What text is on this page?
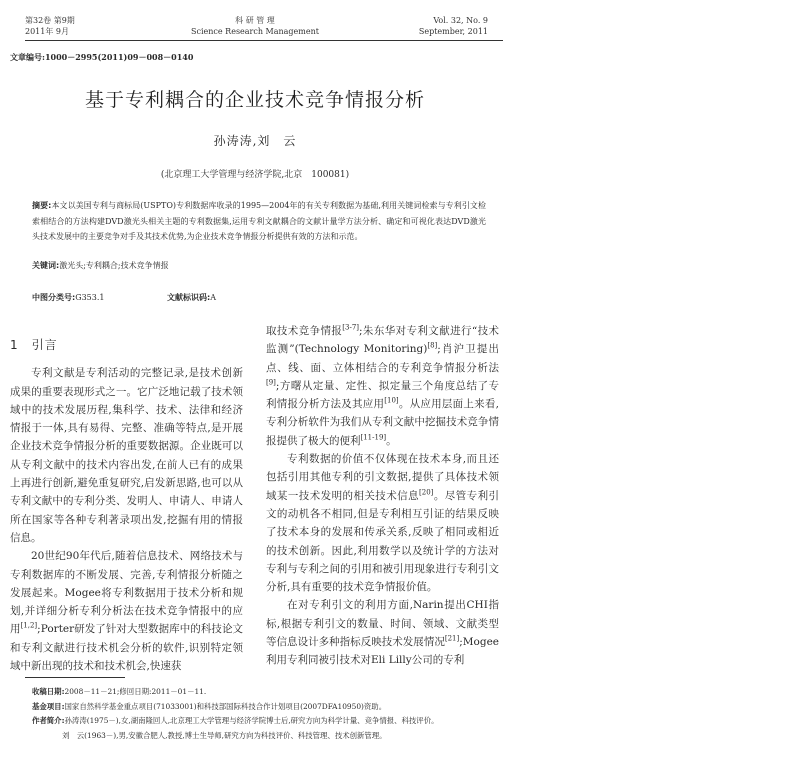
第32卷 第9期
2011年 9月
科 研 管 理
Science Research Management
Vol. 32, No. 9
September, 2011
文章编号:1000－2995(2011)09－008－0140
基于专利耦合的企业技术竞争情报分析
孙涛涛,刘　云
(北京理工大学管理与经济学院,北京　100081)
摘要:本文以美国专利与商标局(USPTO)专利数据库收录的1995—2004年的有关专利数据为基础,利用关键词检索与专利引文检索相结合的方法构建DVD激光头相关主题的专利数据集,运用专利文献耦合的文献计量学方法分析、确定和可视化表达DVD激光头技术发展中的主要竞争对手及其技术优势,为企业技术竞争情报分析提供有效的方法和示范。
关键词:激光头;专利耦合;技术竞争情报
中图分类号:G353.1	文献标识码:A

1　引言

专利文献是专利活动的完整记录,是技术创新成果的重要表现形式之一。它广泛地记载了技术领域中的技术发展历程,集科学、技术、法律和经济情报于一体,具有易得、完整、准确等特点,是开展企业技术竞争情报分析的重要数据源。企业既可以从专利文献中的技术内容出发,在前人已有的成果上再进行创新,避免重复研究,启发新思路,也可以从专利文献中的专利分类、发明人、申请人、申请人所在国家等各种专利著录项出发,挖掘有用的情报信息。

20世纪90年代后,随着信息技术、网络技术与专利数据库的不断发展、完善,专利情报分析随之发展起来。Mogee将专利数据用于技术分析和规划,并详细分析专利分析法在技术竞争情报中的应用[1,2];Porter研发了针对大型数据库中的科技论文和专利文献进行技术机会分析的软件,识别特定领域中新出现的技术和技术机会,快速获

取技术竞争情报[3-7];朱东华对专利文献进行“技术监测”(Technology Monitoring)[8];肖沪卫提出点、线、面、立体相结合的专利竞争情报分析法[9];方曙从定量、定性、拟定量三个角度总结了专利情报分析方法及其应用[10]。从应用层面上来看,专利分析软件为我们从专利文献中挖掘技术竞争情报提供了极大的便利[11-19]。

专利数据的价值不仅体现在技术本身,而且还包括引用其他专利的引文数据,提供了具体技术领域某一技术发明的相关技术信息[20]。尽管专利引文的动机各不相同,但是专利相互引证的结果反映了技术本身的发展和传承关系,反映了相同或相近的技术创新。因此,利用数学以及统计学的方法对专利与专利之间的引用和被引用现象进行专利引文分析,具有重要的技术竞争情报价值。

在对专利引文的利用方面,Narin提出CHI指标,根据专利引文的数量、时间、领域、文献类型等信息设计多种指标反映技术发展情况[21];Mogee利用专利同被引技术对Eli Lilly公司的专利

收稿日期:2008－11－21;修回日期:2011－01－11.

基金项目:国家自然科学基金重点项目(71033001)和科技部国际科技合作计划项目(2007DFA10950)资助。

作者简介:孙涛涛(1975－),女,湖南隆回人,北京理工大学管理与经济学院博士后,研究方向为科学计量、竞争情报、科技评价。

刘　云(1963－),男,安徽合肥人,教授,博士生导师,研究方向为科技评价、科技管理、技术创新管理。
